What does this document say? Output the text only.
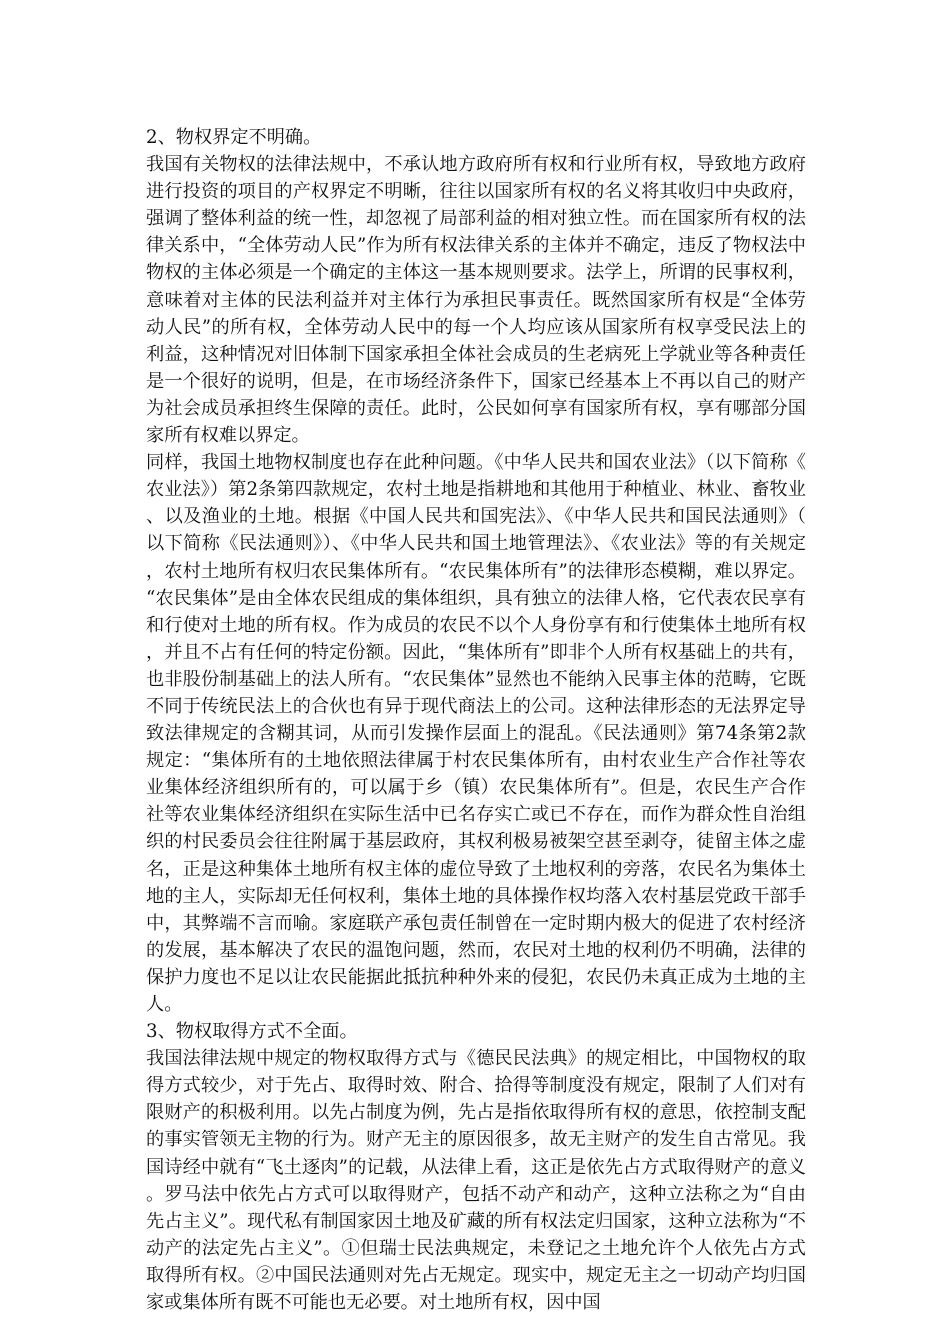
2、物权界定不明确。

我国有关物权的法律法规中，不承认地方政府所有权和行业所有权，导致地方政府进行投资的项目的产权界定不明晰，往往以国家所有权的名义将其收归中央政府，强调了整体利益的统一性，却忽视了局部利益的相对独立性。而在国家所有权的法律关系中，“全体劳动人民”作为所有权法律关系的主体并不确定，违反了物权法中物权的主体必须是一个确定的主体这一基本规则要求。法学上，所谓的民事权利，意味着对主体的民法利益并对主体行为承担民事责任。既然国家所有权是“全体劳动人民”的所有权，全体劳动人民中的每一个人均应该从国家所有权享受民法上的利益，这种情况对旧体制下国家承担全体社会成员的生老病死上学就业等各种责任是一个很好的说明，但是，在市场经济条件下，国家已经基本上不再以自己的财产为社会成员承担终生保障的责任。此时，公民如何享有国家所有权，享有哪部分国家所有权难以界定。

同样，我国土地物权制度也存在此种问题。《中华人民共和国农业法》（以下简称《农业法》）第2条第四款规定，农村土地是指耕地和其他用于种植业、林业、畜牧业、以及渔业的土地。根据《中国人民共和国宪法》、《中华人民共和国民法通则》（以下简称《民法通则》）、《中华人民共和国土地管理法》、《农业法》等的有关规定，农村土地所有权归农民集体所有。“农民集体所有”的法律形态模糊，难以界定。“农民集体”是由全体农民组成的集体组织，具有独立的法律人格，它代表农民享有和行使对土地的所有权。作为成员的农民不以个人身份享有和行使集体土地所有权，并且不占有任何的特定份额。因此，“集体所有”即非个人所有权基础上的共有，也非股份制基础上的法人所有。“农民集体”显然也不能纳入民事主体的范畴，它既不同于传统民法上的合伙也有异于现代商法上的公司。这种法律形态的无法界定导致法律规定的含糊其词，从而引发操作层面上的混乱。《民法通则》第74条第2款规定：“集体所有的土地依照法律属于村农民集体所有，由村农业生产合作社等农业集体经济组织所有的，可以属于乡（镇）农民集体所有”。但是，农民生产合作社等农业集体经济组织在实际生活中已名存实亡或已不存在，而作为群众性自治组织的村民委员会往往附属于基层政府，其权利极易被架空甚至剥夺，徒留主体之虚名，正是这种集体土地所有权主体的虚位导致了土地权利的旁落，农民名为集体土地的主人，实际却无任何权利，集体土地的具体操作权均落入农村基层党政干部手中，其弊端不言而喻。家庭联产承包责任制曾在一定时期内极大的促进了农村经济的发展，基本解决了农民的温饱问题，然而，农民对土地的权利仍不明确，法律的保护力度也不足以让农民能据此抵抗种种外来的侵犯，农民仍未真正成为土地的主人。

3、物权取得方式不全面。

我国法律法规中规定的物权取得方式与《德民民法典》的规定相比，中国物权的取得方式较少，对于先占、取得时效、附合、拾得等制度没有规定，限制了人们对有限财产的积极利用。以先占制度为例，先占是指依取得所有权的意思，依控制支配的事实管领无主物的行为。财产无主的原因很多，故无主财产的发生自古常见。我国诗经中就有“飞土逐肉”的记载，从法律上看，这正是依先占方式取得财产的意义。罗马法中依先占方式可以取得财产，包括不动产和动产，这种立法称之为“自由先占主义”。现代私有制国家因土地及矿藏的所有权法定归国家，这种立法称为“不动产的法定先占主义”。①但瑞士民法典规定，未登记之土地允许个人依先占方式取得所有权。②中国民法通则对先占无规定。现实中，规定无主之一切动产均归国家或集体所有既不可能也无必要。对土地所有权，因中国
